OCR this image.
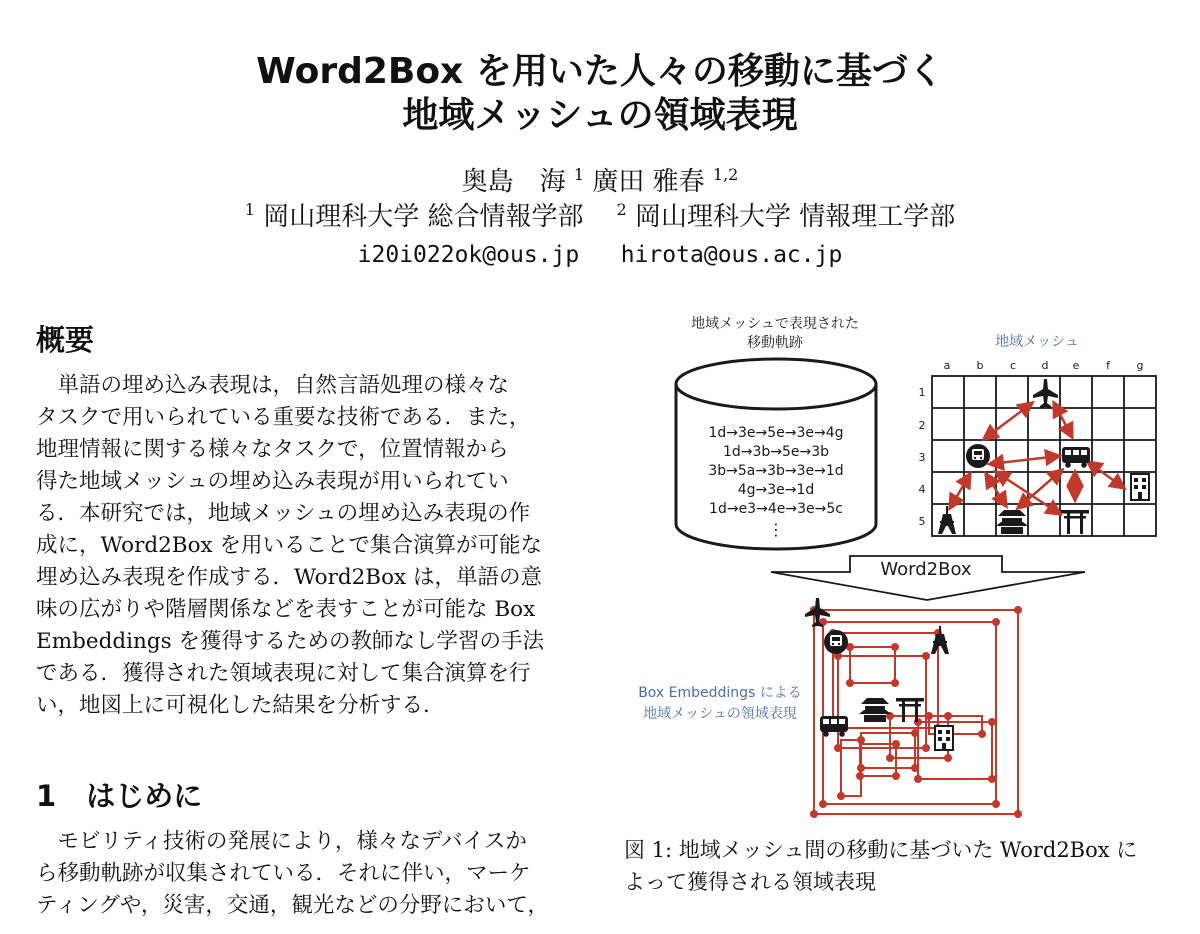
Word2Box を用いた人々の移動に基づく
地域メッシュの領域表現
奥島　海 $^1$ 廣田 雅春 $^{1,2}$
$^1$ 岡山理科大学 総合情報学部 $^2$ 岡山理科大学 情報理工学部
i20i022ok@ous.jp hirota@ous.ac.jp
概要
　単語の埋め込み表現は，自然言語処理の様々な
タスクで用いられている重要な技術である．また，
地理情報に関する様々なタスクで，位置情報から
得た地域メッシュの埋め込み表現が用いられてい
る．本研究では，地域メッシュの埋め込み表現の作
成に，Word2Box を用いることで集合演算が可能な
埋め込み表現を作成する．Word2Box は，単語の意
味の広がりや階層関係などを表すことが可能な Box
Embeddings を獲得するための教師なし学習の手法
である．獲得された領域表現に対して集合演算を行
い，地図上に可視化した結果を分析する．
1 はじめに
　モビリティ技術の発展により，様々なデバイスか
ら移動軌跡が収集されている．それに伴い，マーケ
ティングや，災害，交通，観光などの分野において，
地域メッシュで表現された
移動軌跡
1d→3e→5e→3e→4g
1d→3b→5e→3b
3b→5a→3b→3e→1d
4g→3e→1d
1d→e3→4e→3e→5c
⋮
地域メッシュ
a b c d e f g
1
2
3
4
5
Word2Box
Box Embeddings による
地域メッシュの領域表現
図 1: 地域メッシュ間の移動に基づいた Word2Box に
よって獲得される領域表現
